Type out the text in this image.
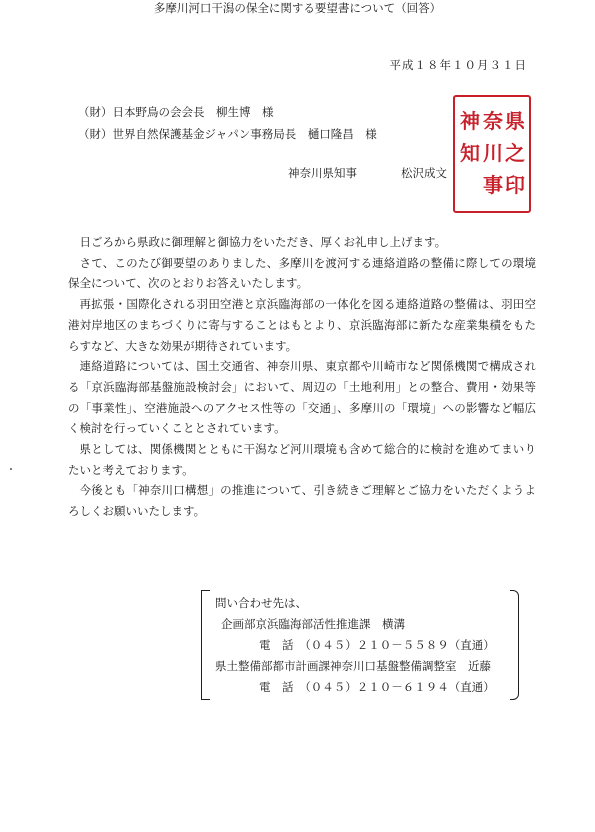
平成１８年１０月３１日
（財）日本野鳥の会会長　柳生博　様
（財）世界自然保護基金ジャパン事務局長　樋口隆昌　様
神奈川県知事	松沢成文
県
之
印
奈
川
事
神
知
多摩川河口干潟の保全に関する要望書について（回答）

日ごろから県政に御理解と御協力をいただき、厚くお礼申し上げます。

さて、このたび御要望のありました、多摩川を渡河する連絡道路の整備に際しての環境保全について、次のとおりお答えいたします。

再拡張・国際化される羽田空港と京浜臨海部の一体化を図る連絡道路の整備は、羽田空港対岸地区のまちづくりに寄与することはもとより、京浜臨海部に新たな産業集積をもたらすなど、大きな効果が期待されています。

連絡道路については、国土交通省、神奈川県、東京都や川崎市など関係機関で構成される「京浜臨海部基盤施設検討会」において、周辺の「土地利用」との整合、費用・効果等の「事業性」、空港施設へのアクセス性等の「交通」、多摩川の「環境」への影響など幅広く検討を行っていくこととされています。

県としては、関係機関とともに干潟など河川環境も含めて総合的に検討を進めてまいりたいと考えております。

今後とも「神奈川口構想」の推進について、引き続きご理解とご協力をいただくようよろしくお願いいたします。

問い合わせ先は、
企画部京浜臨海部活性推進課　横溝
電　話　（０４５）２１０－５５８９（直通）
県土整備部都市計画課神奈川口基盤整備調整室　近藤
電　話　（０４５）２１０－６１９４（直通）
